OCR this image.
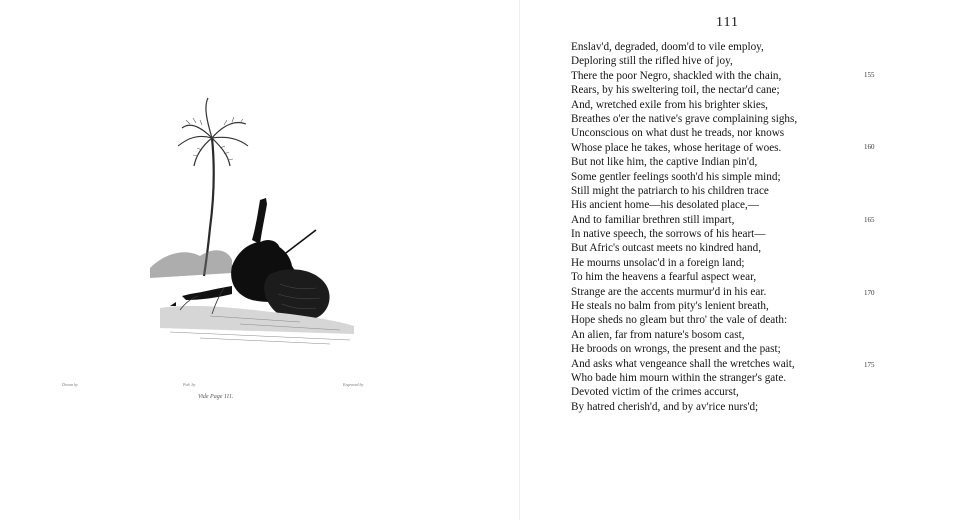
Drawn by	Pub. by	Engraved by
Vide Page 111.
111
Enslav'd, degraded, doom'd to vile employ,
Deploring still the rifled hive of joy,
There the poor Negro, shackled with the chain,
Rears, by his sweltering toil, the nectar'd cane;
And, wretched exile from his brighter skies,
Breathes o'er the native's grave complaining sighs,
Unconscious on what dust he treads, nor knows
Whose place he takes, whose heritage of woes.
But not like him, the captive Indian pin'd,
Some gentler feelings sooth'd his simple mind;
Still might the patriarch to his children trace
His ancient home—his desolated place,—
And to familiar brethren still impart,
In native speech, the sorrows of his heart—
But Afric's outcast meets no kindred hand,
He mourns unsolac'd in a foreign land;
To him the heavens a fearful aspect wear,
Strange are the accents murmur'd in his ear.
He steals no balm from pity's lenient breath,
Hope sheds no gleam but thro' the vale of death:
An alien, far from nature's bosom cast,
He broods on wrongs, the present and the past;
And asks what vengeance shall the wretches wait,
Who bade him mourn within the stranger's gate.
Devoted victim of the crimes accurst,
By hatred cherish'd, and by av'rice nurs'd;
155
160
165
170
175
